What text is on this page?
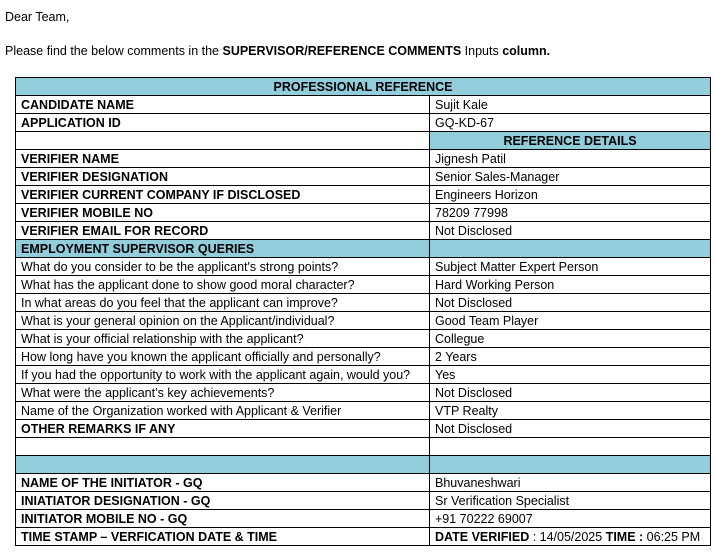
Dear Team,
Please find the below comments in the SUPERVISOR/REFERENCE COMMENTS Inputs column.
PROFESSIONAL REFERENCE	
CANDIDATE NAME	Sujit Kale
APPLICATION ID	GQ-KD-67
	REFERENCE DETAILS
VERIFIER NAME	Jignesh Patil
VERIFIER DESIGNATION	Senior Sales-Manager
VERIFIER CURRENT COMPANY IF DISCLOSED	Engineers Horizon
VERIFIER MOBILE NO	78209 77998
VERIFIER EMAIL FOR RECORD	Not Disclosed
EMPLOYMENT SUPERVISOR QUERIES	
What do you consider to be the applicant's strong points?	Subject Matter Expert Person
What has the applicant done to show good moral character?	Hard Working Person
In what areas do you feel that the applicant can improve?	Not Disclosed
What is your general opinion on the Applicant/individual?	Good Team Player
What is your official relationship with the applicant?	Collegue
How long have you known the applicant officially and personally?	2 Years
If you had the opportunity to work with the applicant again, would you?	Yes
What were the applicant’s key achievements?	Not Disclosed
Name of the Organization worked with Applicant & Verifier	VTP Realty
OTHER REMARKS IF ANY	Not Disclosed

NAME OF THE INITIATOR - GQ	Bhuvaneshwari
INIATIATOR DESIGNATION - GQ	Sr Verification Specialist
INITIATOR MOBILE NO - GQ	+91 70222 69007
TIME STAMP – VERFICATION DATE & TIME	DATE VERIFIED : 14/05/2025 TIME : 06:25 PM
